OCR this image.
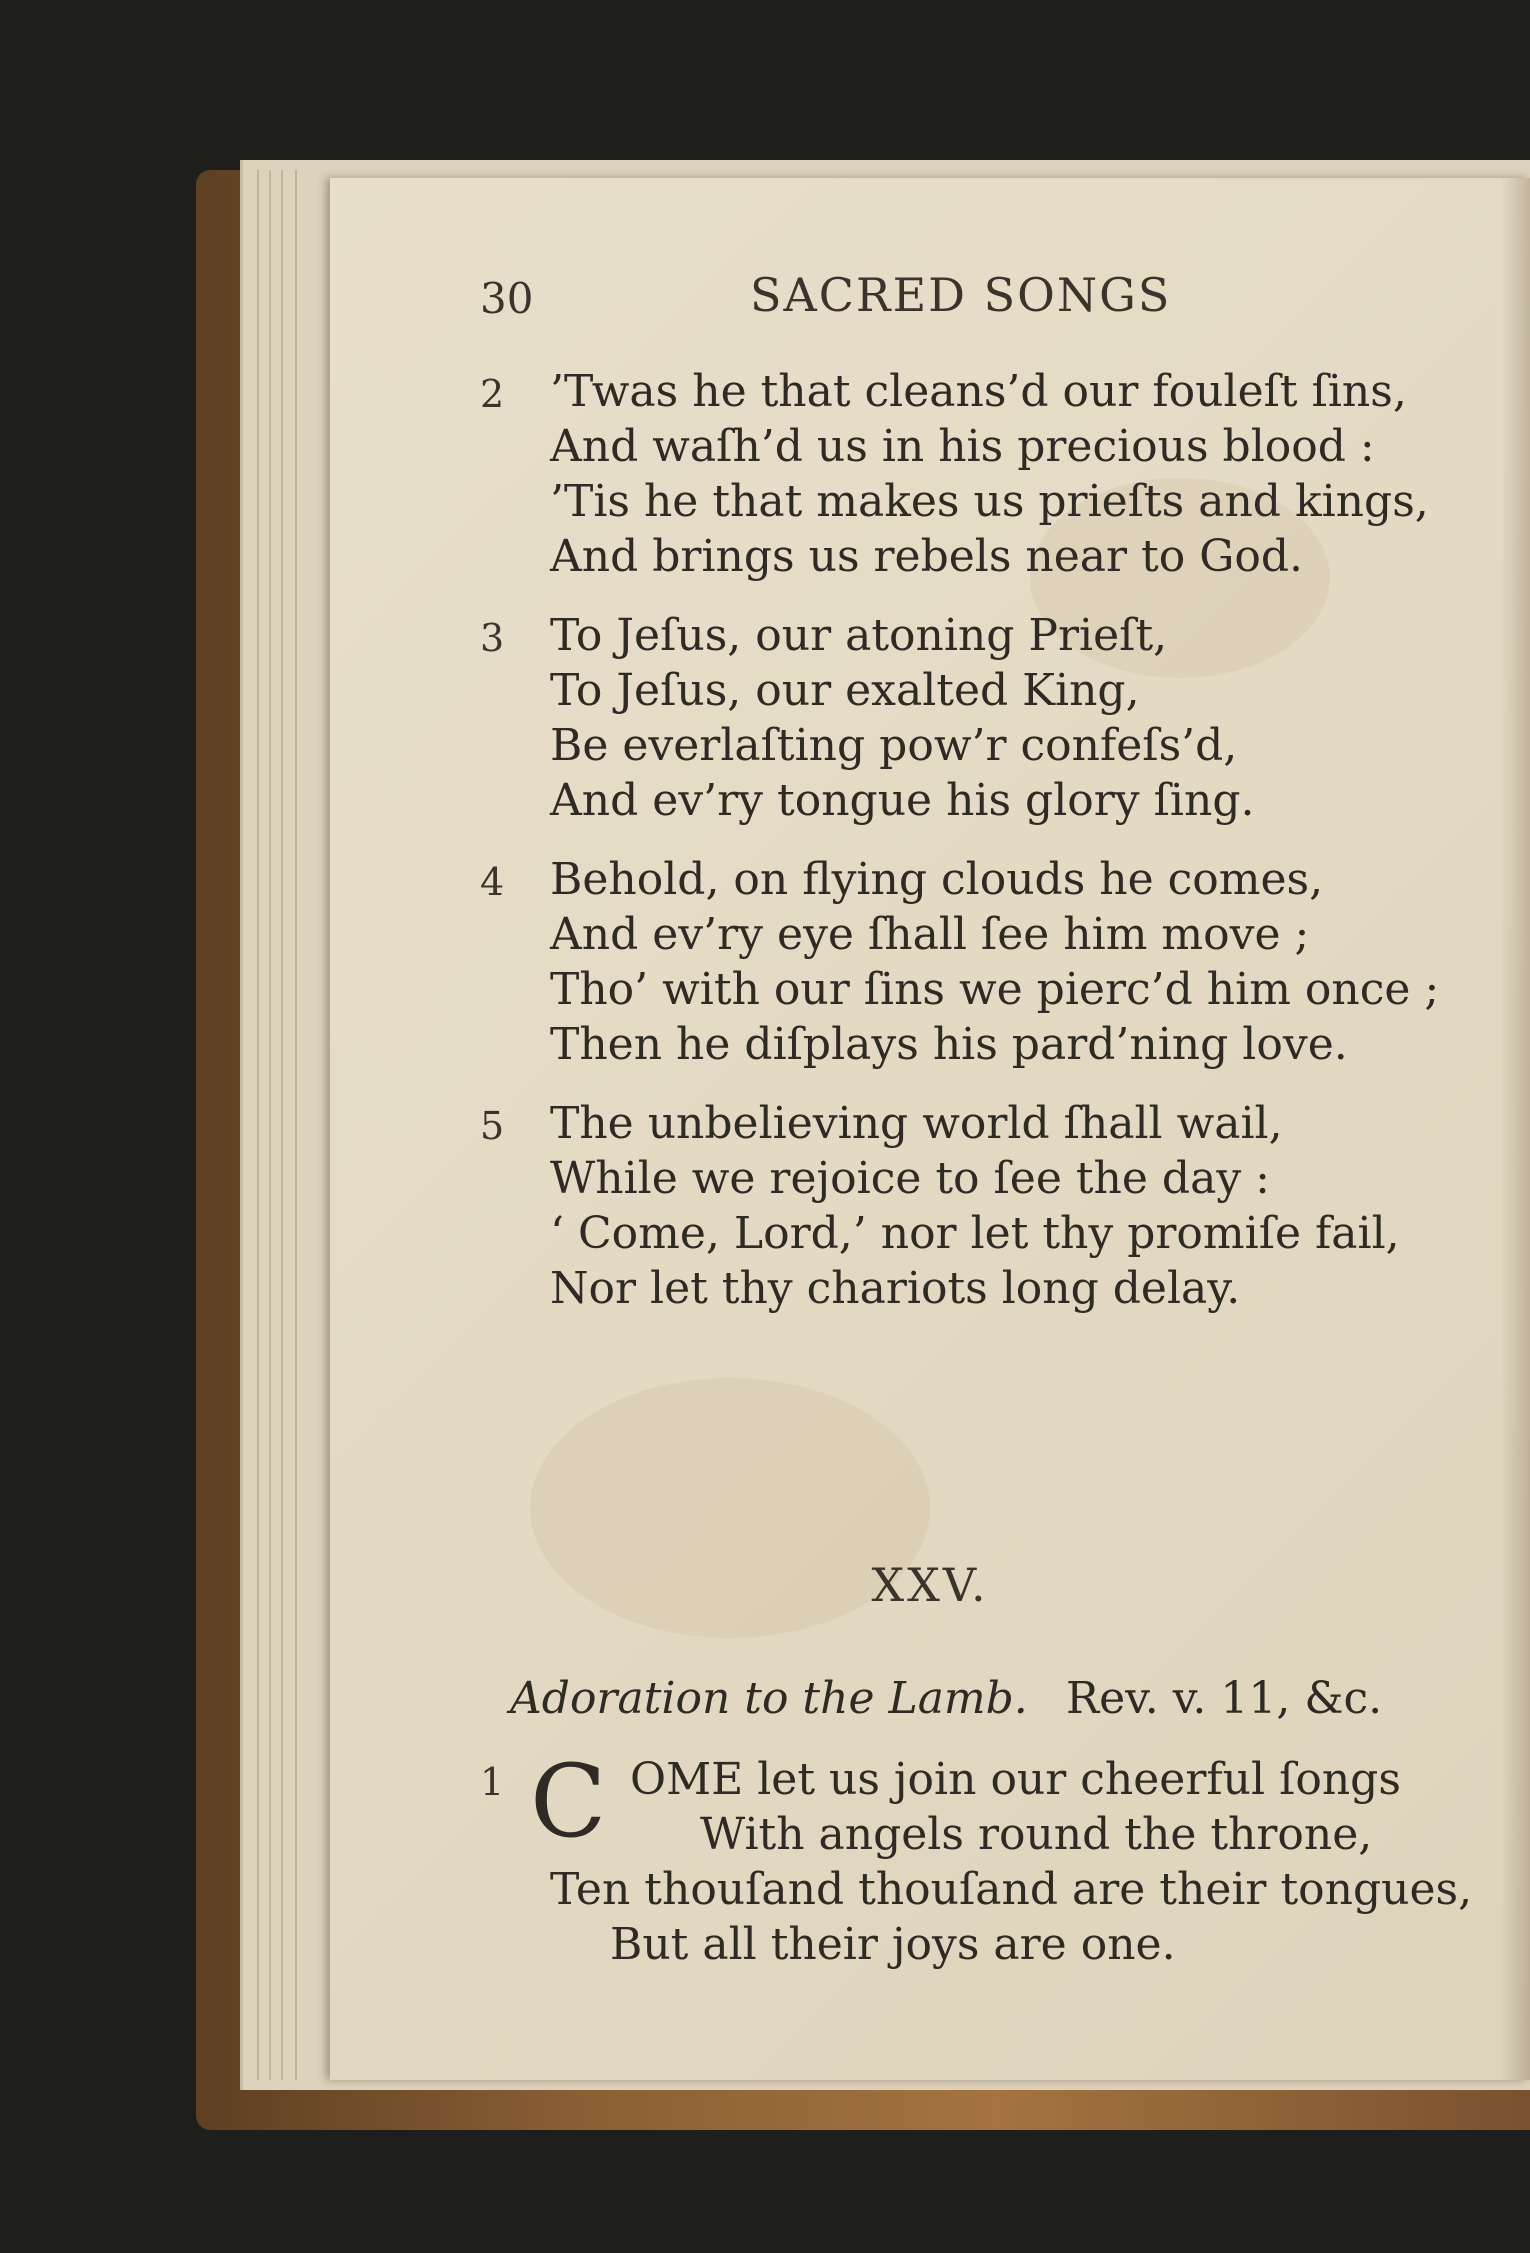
30	SACRED SONGS
2 ’Twas he that cleans’d our fouleſt ſins,
And waſh’d us in his precious blood :
’Tis he that makes us prieſts and kings,
And brings us rebels near to God.
3 To Jeſus, our atoning Prieſt,
To Jeſus, our exalted King,
Be everlaſting pow’r confeſs’d,
And ev’ry tongue his glory ſing.
4 Behold, on flying clouds he comes,
And ev’ry eye ſhall ſee him move ;
Tho’ with our ſins we pierc’d him once ;
Then he diſplays his pard’ning love.
5 The unbelieving world ſhall wail,
While we rejoice to ſee the day :
‘ Come, Lord,’ nor let thy promiſe fail,
Nor let thy chariots long delay.
XXV.
Adoration to the Lamb. Rev. v. 11, &c.
1 C OME let us join our cheerful ſongs
With angels round the throne,
Ten thouſand thouſand are their tongues,
But all their joys are one.
